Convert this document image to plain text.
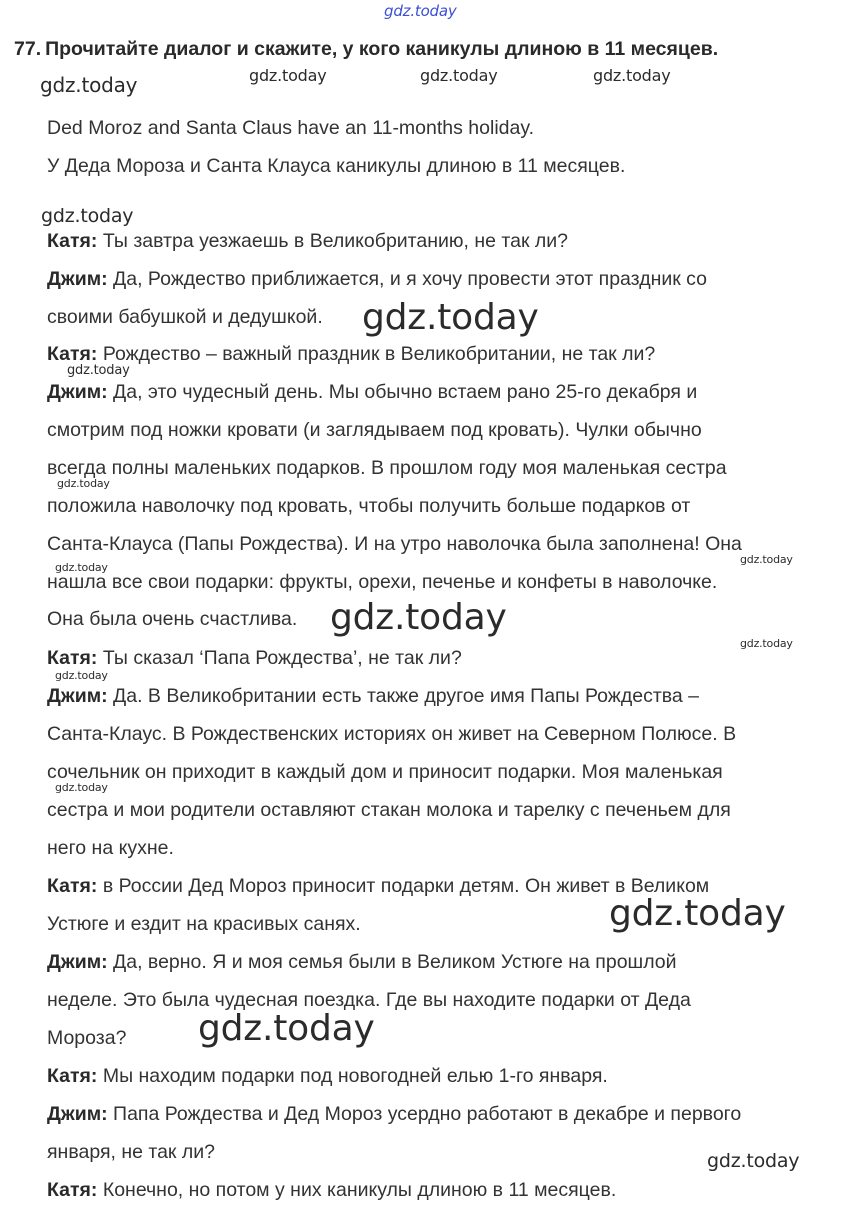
gdz.today
gdz.today	gdz.today	gdz.today	gdz.today
gdz.today
gdz.today
gdz.today
gdz.today
gdz.today
gdz.today
gdz.today
gdz.today
gdz.today
gdz.today
gdz.today
gdz.today
gdz.today
77. Прочитайте диалог и скажите, у кого каникулы длиною в 11 месяцев.
Ded Moroz and Santa Claus have an 11-months holiday.
У Деда Мороза и Санта Клауса каникулы длиною в 11 месяцев.
Катя: Ты завтра уезжаешь в Великобританию, не так ли?
Джим: Да, Рождество приближается, и я хочу провести этот праздник со
своими бабушкой и дедушкой.
Катя: Рождество – важный праздник в Великобритании, не так ли?
Джим: Да, это чудесный день. Мы обычно встаем рано 25-го декабря и
смотрим под ножки кровати (и заглядываем под кровать). Чулки обычно
всегда полны маленьких подарков. В прошлом году моя маленькая сестра
положила наволочку под кровать, чтобы получить больше подарков от
Санта-Клауса (Папы Рождества). И на утро наволочка была заполнена! Она
нашла все свои подарки: фрукты, орехи, печенье и конфеты в наволочке.
Она была очень счастлива.
Катя: Ты сказал ‘Папа Рождества’, не так ли?
Джим: Да. В Великобритании есть также другое имя Папы Рождества –
Санта-Клаус. В Рождественских историях он живет на Северном Полюсе. В
сочельник он приходит в каждый дом и приносит подарки. Моя маленькая
сестра и мои родители оставляют стакан молока и тарелку с печеньем для
него на кухне.
Катя: в России Дед Мороз приносит подарки детям. Он живет в Великом
Устюге и ездит на красивых санях.
Джим: Да, верно. Я и моя семья были в Великом Устюге на прошлой
неделе. Это была чудесная поездка. Где вы находите подарки от Деда
Мороза?
Катя: Мы находим подарки под новогодней елью 1-го января.
Джим: Папа Рождества и Дед Мороз усердно работают в декабре и первого
января, не так ли?
Катя: Конечно, но потом у них каникулы длиною в 11 месяцев.
